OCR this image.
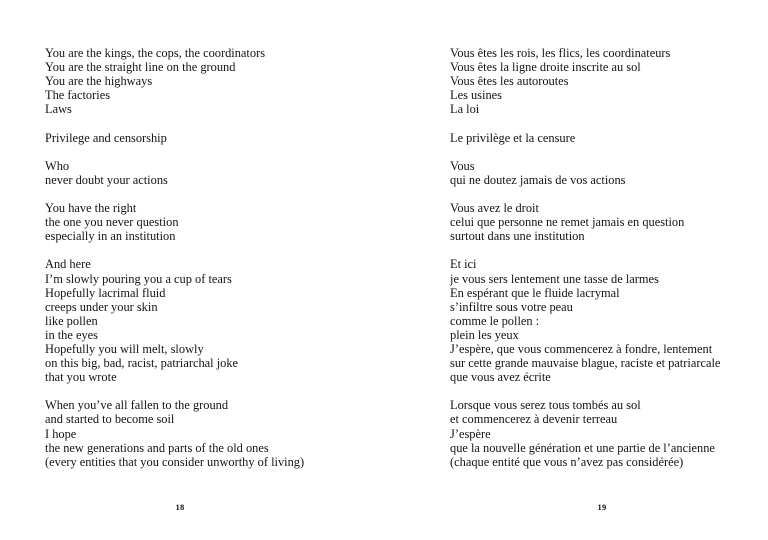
You are the kings, the cops, the coordinators
You are the straight line on the ground
You are the highways
The factories
Laws
Privilege and censorship
Who
never doubt your actions
You have the right
the one you never question
especially in an institution
And here
I’m slowly pouring you a cup of tears
Hopefully lacrimal fluid
creeps under your skin
like pollen
in the eyes
Hopefully you will melt, slowly
on this big, bad, racist, patriarchal joke
that you wrote
When you’ve all fallen to the ground
and started to become soil
I hope
the new generations and parts of the old ones
(every entities that you consider unworthy of living)
18
Vous êtes les rois, les flics, les coordinateurs
Vous êtes la ligne droite inscrite au sol
Vous êtes les autoroutes
Les usines
La loi
Le privilège et la censure
Vous
qui ne doutez jamais de vos actions
Vous avez le droit
celui que personne ne remet jamais en question
surtout dans une institution
Et ici
je vous sers lentement une tasse de larmes
En espérant que le fluide lacrymal
s’infiltre sous votre peau
comme le pollen :
plein les yeux
J’espère, que vous commencerez à fondre, lentement
sur cette grande mauvaise blague, raciste et patriarcale
que vous avez écrite
Lorsque vous serez tous tombés au sol
et commencerez à devenir terreau
J’espère
que la nouvelle génération et une partie de l’ancienne
(chaque entité que vous n’avez pas considérée)
19
